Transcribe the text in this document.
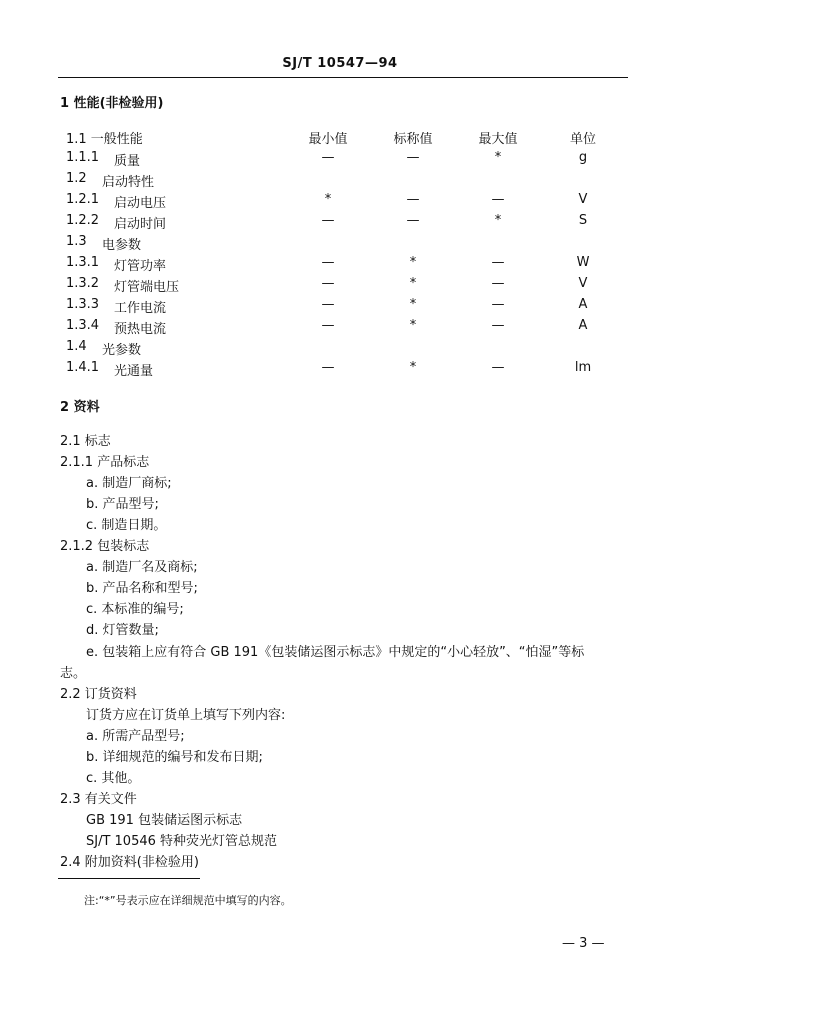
SJ/T 10547—94
1 性能(非检验用)
1.1 一般性能	最小值	标称值	最大值	单位
1.1.1 质量	—	—	*	g
1.2 启动特性
1.2.1 启动电压	*	—	—	V
1.2.2 启动时间	—	—	*	S
1.3 电参数
1.3.1 灯管功率	—	*	—	W
1.3.2 灯管端电压	—	*	—	V
1.3.3 工作电流	—	*	—	A
1.3.4 预热电流	—	*	—	A
1.4 光参数
1.4.1 光通量	—	*	—	lm
2 资料
2.1 标志
2.1.1 产品标志
a. 制造厂商标;
b. 产品型号;
c. 制造日期。
2.1.2 包装标志
a. 制造厂名及商标;
b. 产品名称和型号;
c. 本标准的编号;
d. 灯管数量;
e. 包装箱上应有符合 GB 191《包装储运图示标志》中规定的“小心轻放”、“怕湿”等标
志。
2.2 订货资料
订货方应在订货单上填写下列内容:
a. 所需产品型号;
b. 详细规范的编号和发布日期;
c. 其他。
2.3 有关文件
GB 191 包装储运图示标志
SJ/T 10546 特种荧光灯管总规范
2.4 附加资料(非检验用)
注:“*”号表示应在详细规范中填写的内容。
— 3 —
